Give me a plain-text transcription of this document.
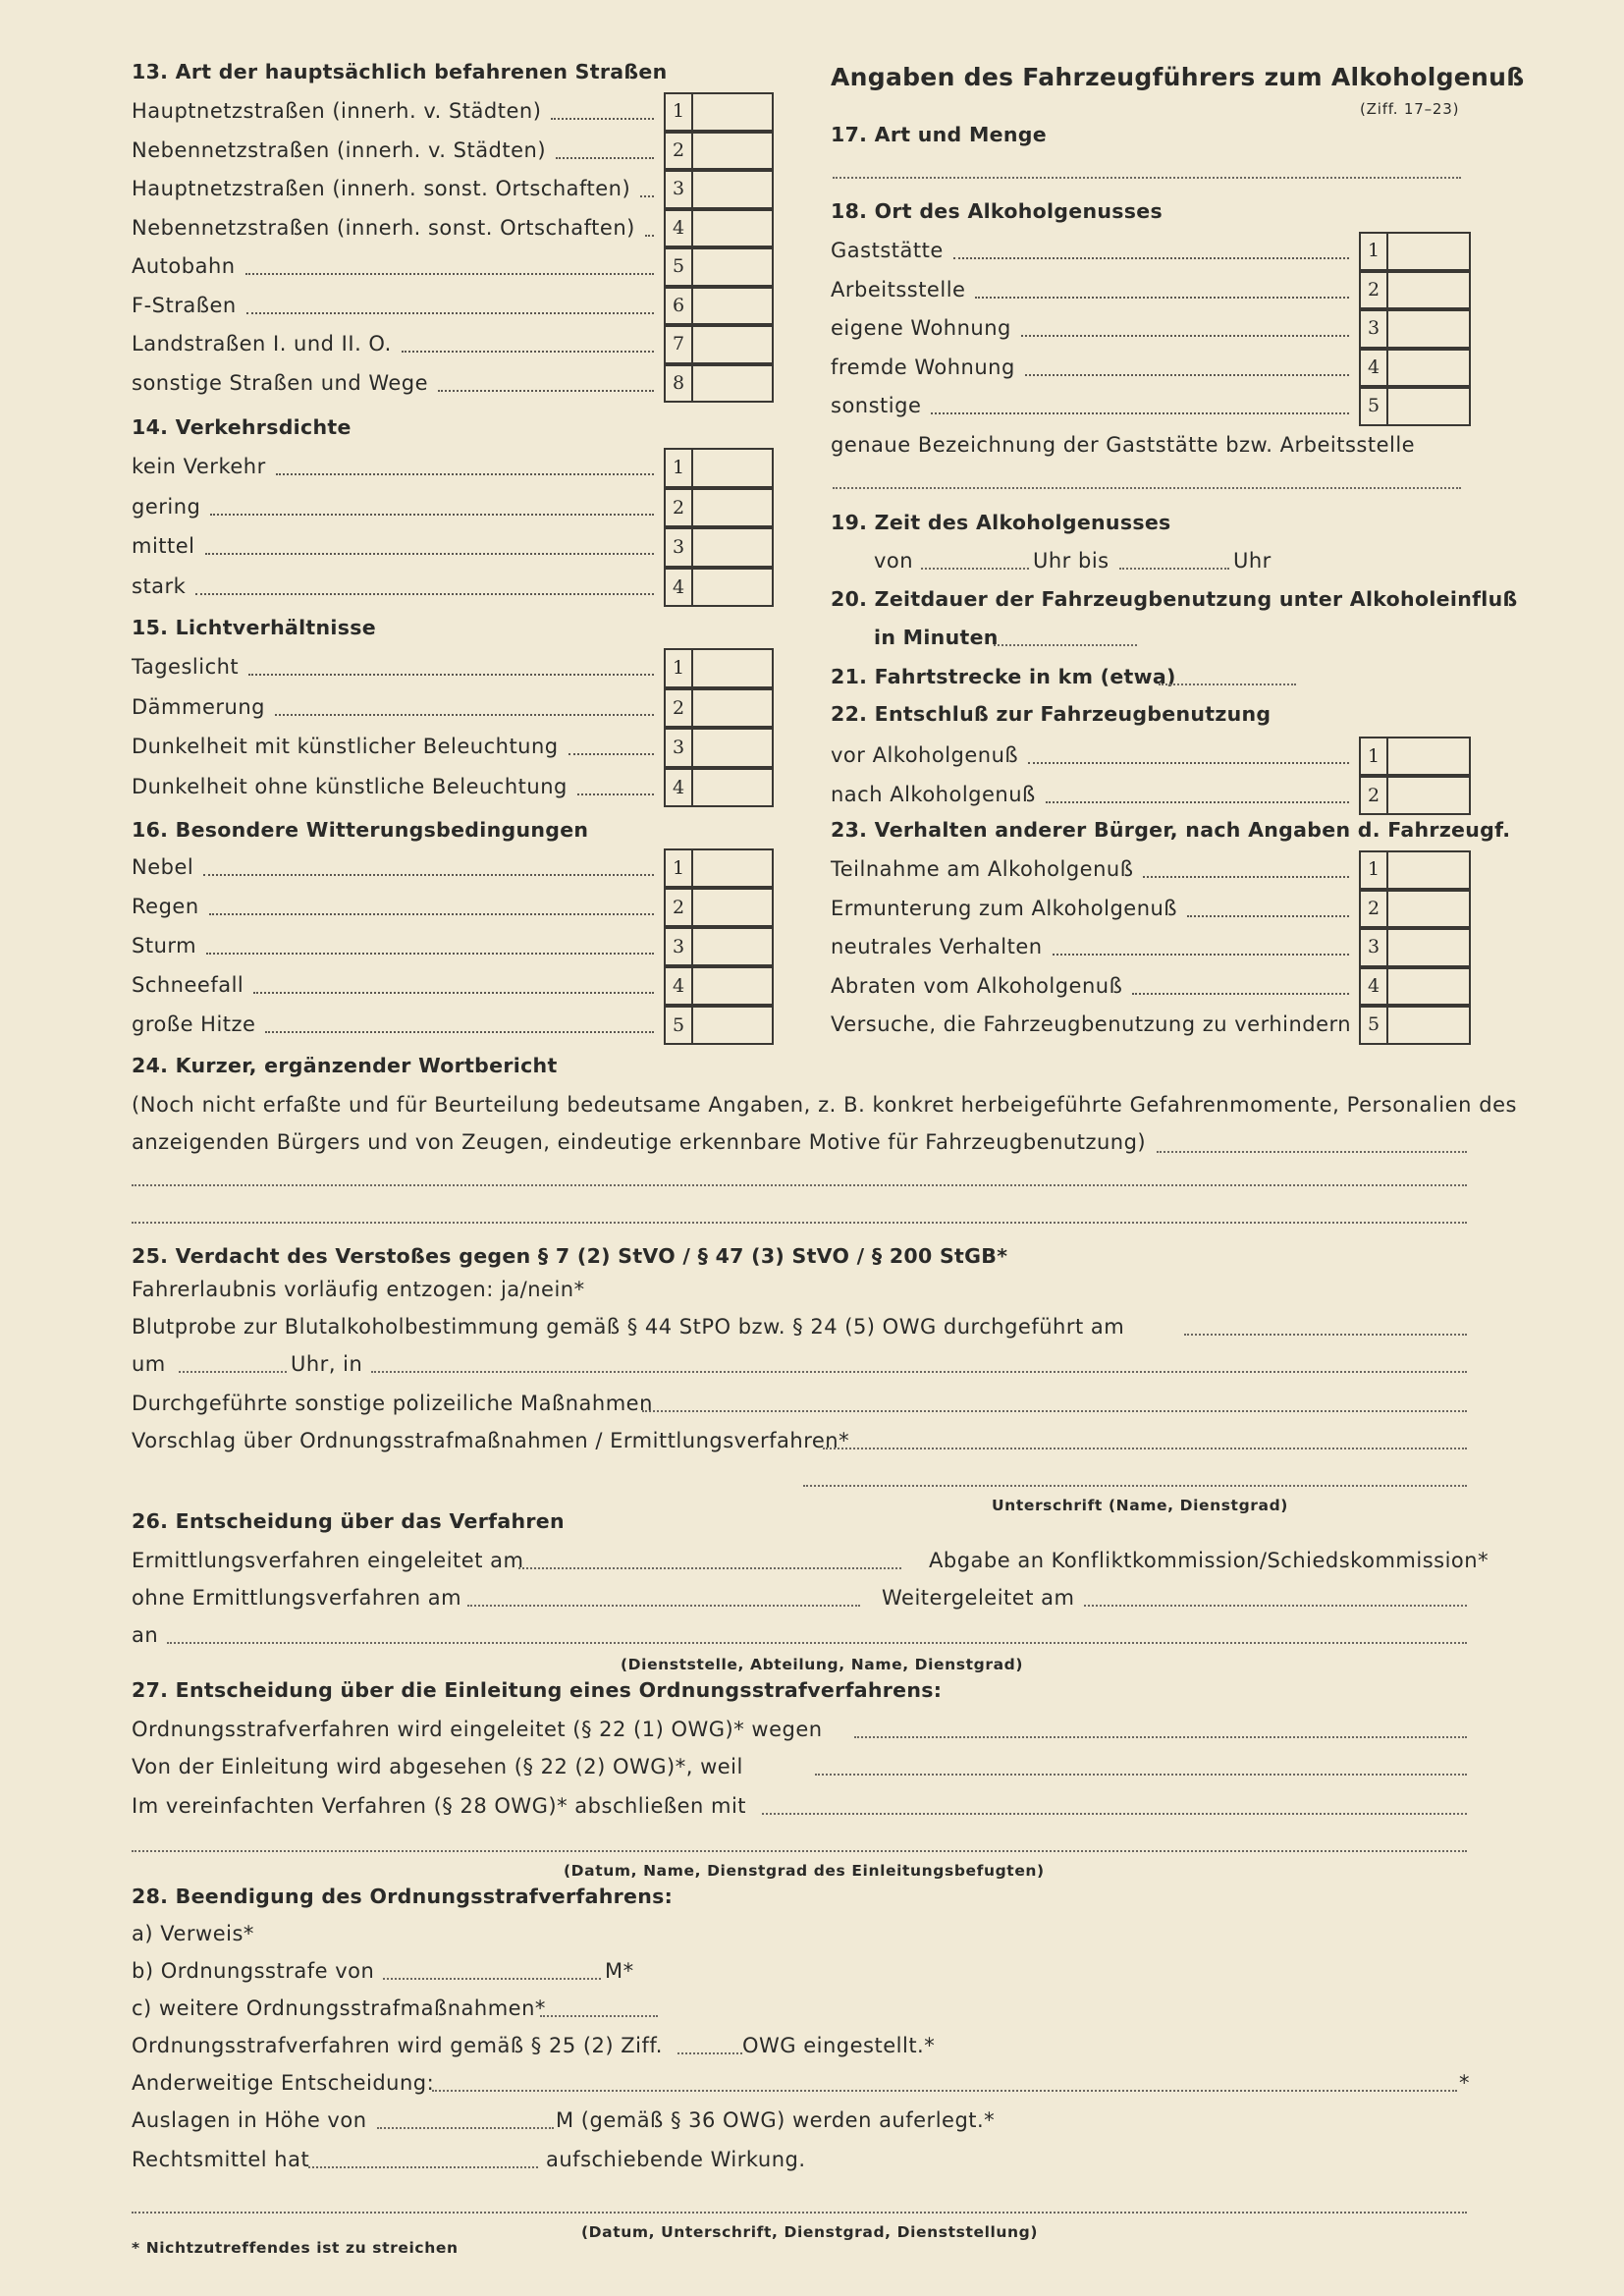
13. Art der hauptsächlich befahrenen Straßen
Hauptnetzstraßen (innerh. v. Städten)	1
Nebennetzstraßen (innerh. v. Städten)	2
Hauptnetzstraßen (innerh. sonst. Ortschaften)	3
Nebennetzstraßen (innerh. sonst. Ortschaften)	4
Autobahn	5
F-Straßen	6
Landstraßen I. und II. O.	7
sonstige Straßen und Wege	8
14. Verkehrsdichte
kein Verkehr	1
gering	2
mittel	3
stark	4
15. Lichtverhältnisse
Tageslicht	1
Dämmerung	2
Dunkelheit mit künstlicher Beleuchtung	3
Dunkelheit ohne künstliche Beleuchtung	4
16. Besondere Witterungsbedingungen
Nebel	1
Regen	2
Sturm	3
Schneefall	4
große Hitze	5
Angaben des Fahrzeugführers zum Alkoholgenuß
(Ziff. 17–23)
17. Art und Menge
18. Ort des Alkoholgenusses
Gaststätte	1
Arbeitsstelle	2
eigene Wohnung	3
fremde Wohnung	4
sonstige	5
genaue Bezeichnung der Gaststätte bzw. Arbeitsstelle
19. Zeit des Alkoholgenusses
von	Uhr bis	Uhr
20. Zeitdauer der Fahrzeugbenutzung unter Alkoholeinfluß
in Minuten
21. Fahrtstrecke in km (etwa)
22. Entschluß zur Fahrzeugbenutzung
vor Alkoholgenuß	1
nach Alkoholgenuß	2
23. Verhalten anderer Bürger, nach Angaben d. Fahrzeugf.
Teilnahme am Alkoholgenuß	1
Ermunterung zum Alkoholgenuß	2
neutrales Verhalten	3
Abraten vom Alkoholgenuß	4
Versuche, die Fahrzeugbenutzung zu verhindern 5
24. Kurzer, ergänzender Wortbericht
(Noch nicht erfaßte und für Beurteilung bedeutsame Angaben, z. B. konkret herbeigeführte Gefahrenmomente, Personalien des
anzeigenden Bürgers und von Zeugen, eindeutige erkennbare Motive für Fahrzeugbenutzung)
25. Verdacht des Verstoßes gegen § 7 (2) StVO / § 47 (3) StVO / § 200 StGB*
Fahrerlaubnis vorläufig entzogen: ja/nein*
Blutprobe zur Blutalkoholbestimmung gemäß § 44 StPO bzw. § 24 (5) OWG durchgeführt am
um	Uhr, in
Durchgeführte sonstige polizeiliche Maßnahmen
Vorschlag über Ordnungsstrafmaßnahmen / Ermittlungsverfahren*
Unterschrift (Name, Dienstgrad)
26. Entscheidung über das Verfahren
Ermittlungsverfahren eingeleitet am	Abgabe an Konfliktkommission/Schiedskommission*
ohne Ermittlungsverfahren am	Weitergeleitet am
an
(Dienststelle, Abteilung, Name, Dienstgrad)
27. Entscheidung über die Einleitung eines Ordnungsstrafverfahrens:
Ordnungsstrafverfahren wird eingeleitet (§ 22 (1) OWG)* wegen
Von der Einleitung wird abgesehen (§ 22 (2) OWG)*, weil
Im vereinfachten Verfahren (§ 28 OWG)* abschließen mit
(Datum, Name, Dienstgrad des Einleitungsbefugten)
28. Beendigung des Ordnungsstrafverfahrens:
a) Verweis*
b) Ordnungsstrafe von	M*
c) weitere Ordnungsstrafmaßnahmen*
Ordnungsstrafverfahren wird gemäß § 25 (2) Ziff.	OWG eingestellt.*
Anderweitige Entscheidung:	*
Auslagen in Höhe von	M (gemäß § 36 OWG) werden auferlegt.*
Rechtsmittel hat	aufschiebende Wirkung.
(Datum, Unterschrift, Dienstgrad, Dienststellung)
* Nichtzutreffendes ist zu streichen
